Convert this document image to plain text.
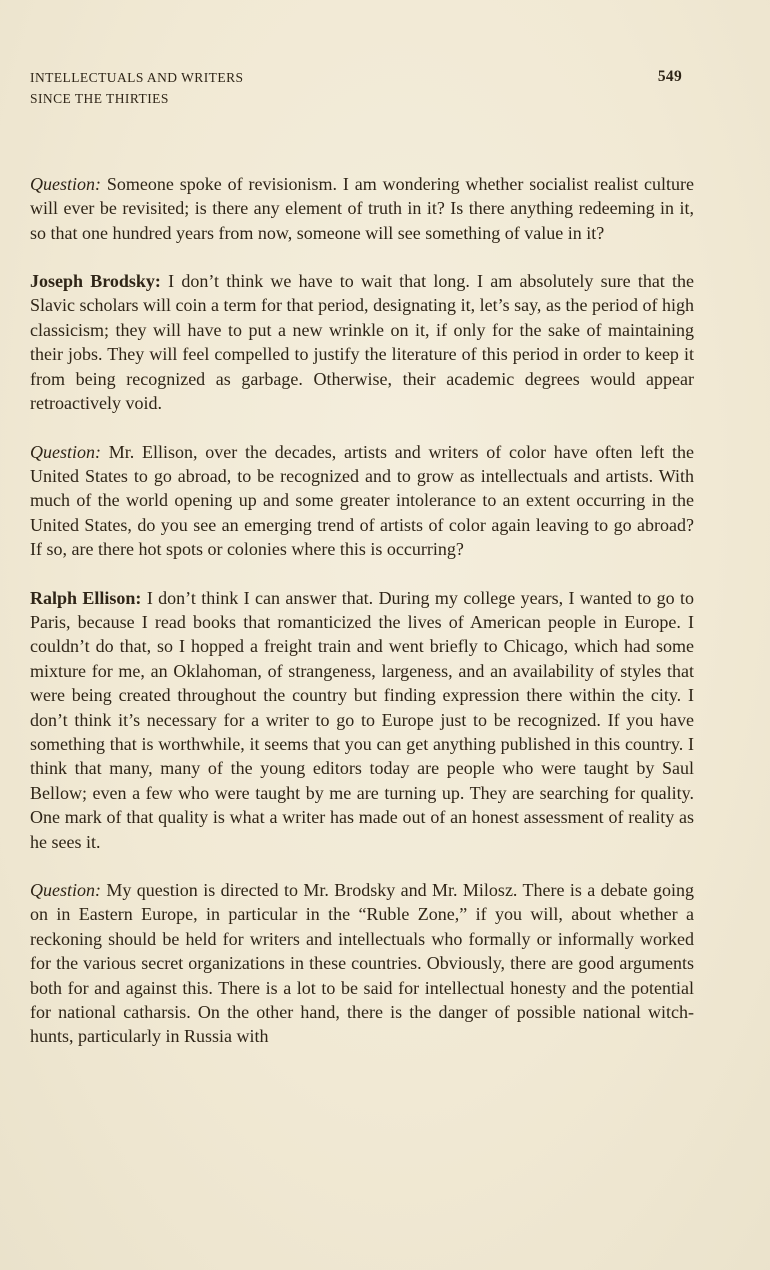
INTELLECTUALS AND WRITERS
SINCE THE THIRTIES
549

Question: Someone spoke of revisionism. I am wondering whether socialist realist culture will ever be revisited; is there any element of truth in it? Is there anything redeeming in it, so that one hundred years from now, someone will see something of value in it?

Joseph Brodsky: I don’t think we have to wait that long. I am absolutely sure that the Slavic scholars will coin a term for that period, designating it, let’s say, as the period of high classicism; they will have to put a new wrinkle on it, if only for the sake of maintaining their jobs. They will feel compelled to justify the literature of this period in order to keep it from being recognized as garbage. Otherwise, their academic degrees would appear retroactively void.

Question: Mr. Ellison, over the decades, artists and writers of color have often left the United States to go abroad, to be recognized and to grow as intellectuals and artists. With much of the world opening up and some greater intolerance to an extent occurring in the United States, do you see an emerging trend of artists of color again leaving to go abroad? If so, are there hot spots or colonies where this is occurring?

Ralph Ellison: I don’t think I can answer that. During my college years, I wanted to go to Paris, because I read books that romanticized the lives of American people in Europe. I couldn’t do that, so I hopped a freight train and went briefly to Chicago, which had some mixture for me, an Oklahoman, of strangeness, largeness, and an availability of styles that were being created throughout the country but finding expression there within the city. I don’t think it’s necessary for a writer to go to Europe just to be recognized. If you have something that is worthwhile, it seems that you can get anything published in this country. I think that many, many of the young editors today are people who were taught by Saul Bellow; even a few who were taught by me are turning up. They are searching for quality. One mark of that quality is what a writer has made out of an honest assessment of reality as he sees it.

Question: My question is directed to Mr. Brodsky and Mr. Milosz. There is a debate going on in Eastern Europe, in particular in the “Ruble Zone,” if you will, about whether a reckoning should be held for writers and intellectuals who formally or informally worked for the various secret organizations in these countries. Obviously, there are good arguments both for and against this. There is a lot to be said for intellectual honesty and the potential for national catharsis. On the other hand, there is the danger of possible national witch-hunts, particularly in Russia with
